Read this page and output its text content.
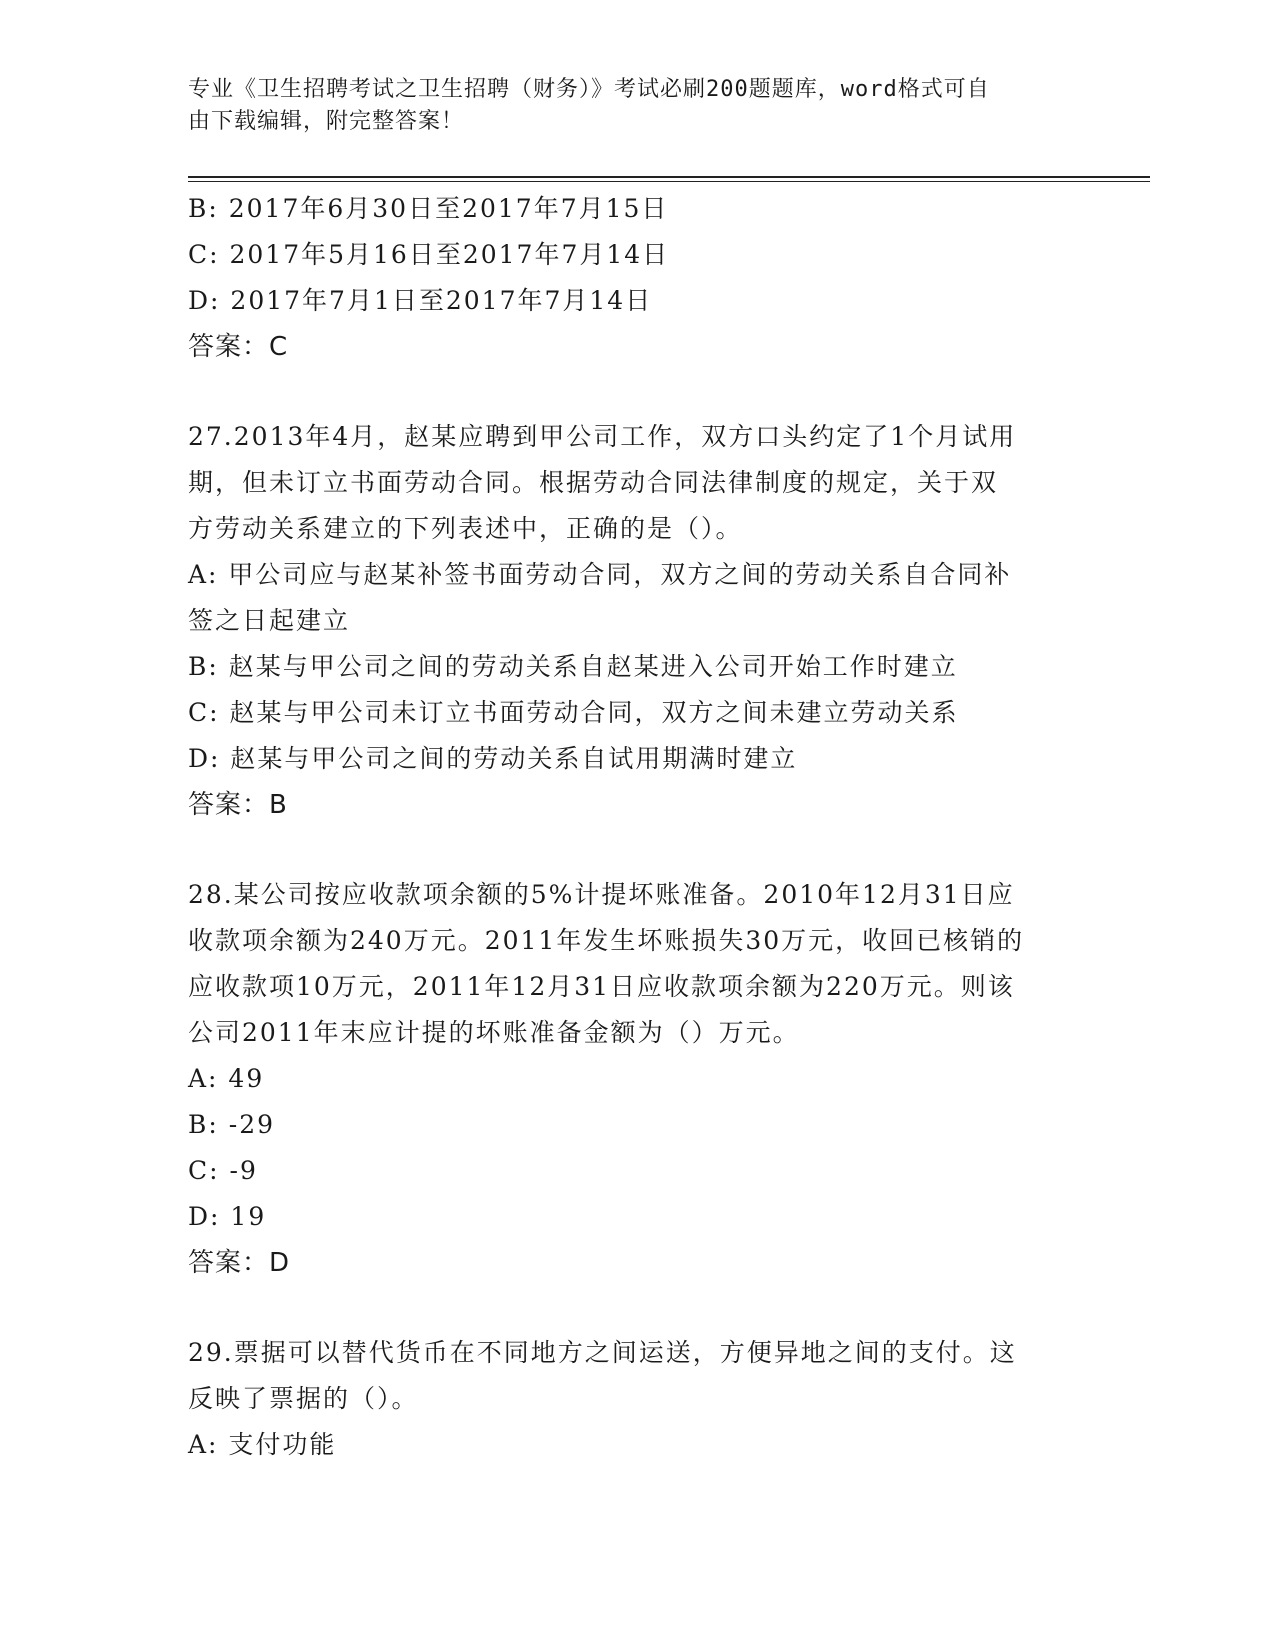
专业《卫生招聘考试之卫生招聘（财务）》考试必刷200题题库，word格式可自
由下载编辑，附完整答案！
B: 2017年6月30日至2017年7月15日
C: 2017年5月16日至2017年7月14日
D: 2017年7月1日至2017年7月14日
答案：C
27.2013年4月，赵某应聘到甲公司工作，双方口头约定了1个月试用
期，但未订立书面劳动合同。根据劳动合同法律制度的规定，关于双
方劳动关系建立的下列表述中，正确的是（）。
A: 甲公司应与赵某补签书面劳动合同，双方之间的劳动关系自合同补
签之日起建立
B: 赵某与甲公司之间的劳动关系自赵某进入公司开始工作时建立
C: 赵某与甲公司未订立书面劳动合同，双方之间未建立劳动关系
D: 赵某与甲公司之间的劳动关系自试用期满时建立
答案：B
28.某公司按应收款项余额的5%计提坏账准备。2010年12月31日应
收款项余额为240万元。2011年发生坏账损失30万元，收回已核销的
应收款项10万元，2011年12月31日应收款项余额为220万元。则该
公司2011年末应计提的坏账准备金额为（）万元。
A: 49
B: -29
C: -9
D: 19
答案：D
29.票据可以替代货币在不同地方之间运送，方便异地之间的支付。这
反映了票据的（）。
A: 支付功能
